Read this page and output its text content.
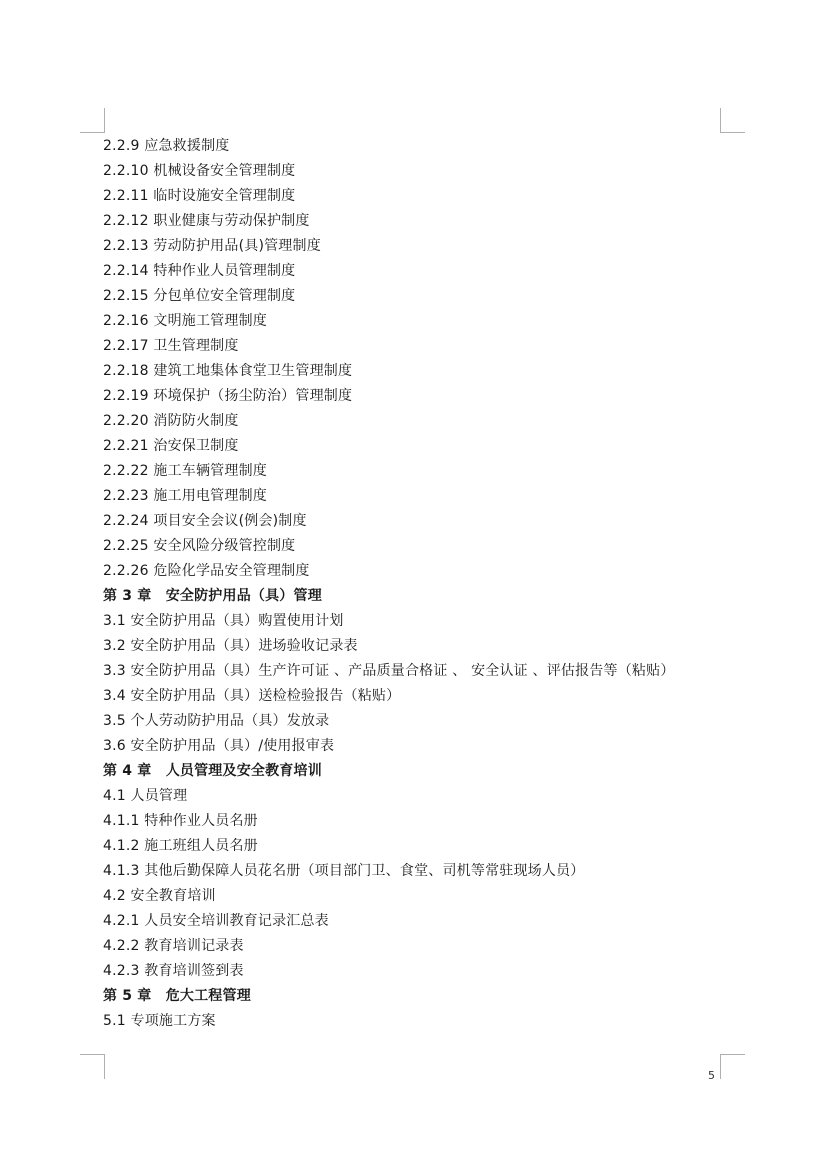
2.2.9 应急救援制度
2.2.10 机械设备安全管理制度
2.2.11 临时设施安全管理制度
2.2.12 职业健康与劳动保护制度
2.2.13 劳动防护用品(具)管理制度
2.2.14 特种作业人员管理制度
2.2.15 分包单位安全管理制度
2.2.16 文明施工管理制度
2.2.17 卫生管理制度
2.2.18 建筑工地集体食堂卫生管理制度
2.2.19 环境保护（扬尘防治）管理制度
2.2.20 消防防火制度
2.2.21 治安保卫制度
2.2.22 施工车辆管理制度
2.2.23 施工用电管理制度
2.2.24 项目安全会议(例会)制度
2.2.25 安全风险分级管控制度
2.2.26 危险化学品安全管理制度
第 3 章　安全防护用品（具）管理
3.1 安全防护用品（具）购置使用计划
3.2 安全防护用品（具）进场验收记录表
3.3 安全防护用品（具）生产许可证 、产品质量合格证 、 安全认证 、评估报告等（粘贴）
3.4 安全防护用品（具）送检检验报告（粘贴）
3.5 个人劳动防护用品（具）发放录
3.6 安全防护用品（具）/使用报审表
第 4 章　人员管理及安全教育培训
4.1 人员管理
4.1.1 特种作业人员名册
4.1.2 施工班组人员名册
4.1.3 其他后勤保障人员花名册（项目部门卫、食堂、司机等常驻现场人员）
4.2 安全教育培训
4.2.1 人员安全培训教育记录汇总表
4.2.2 教育培训记录表
4.2.3 教育培训签到表
第 5 章　危大工程管理
5.1 专项施工方案
5
